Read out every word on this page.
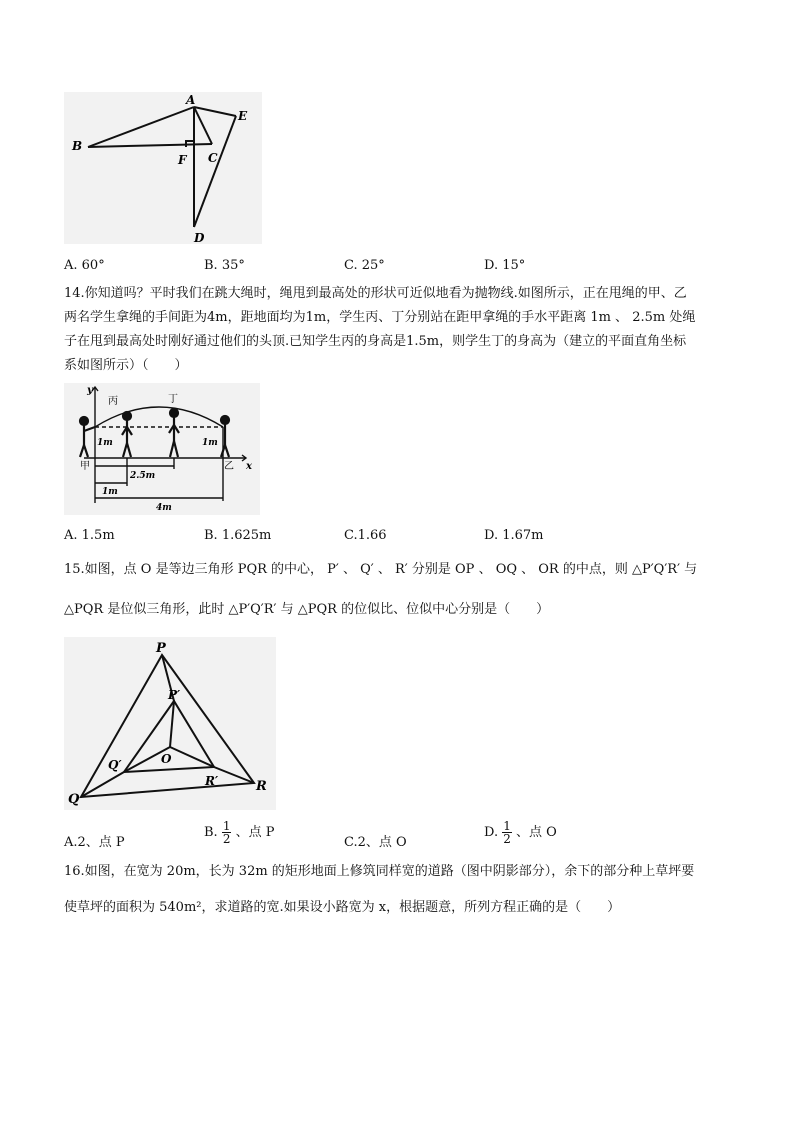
A
B
C
D
E
F
A. 60°	B. 35°	C. 25°	D. 15°
14.你知道吗？平时我们在跳大绳时，绳甩到最高处的形状可近似地看为抛物线.如图所示，正在甩绳的甲、乙
两名学生拿绳的手间距为4m，距地面均为1m，学生丙、丁分别站在距甲拿绳的手水平距离 1m 、 2.5m 处绳
子在甩到最高处时刚好通过他们的头顶.已知学生丙的身高是1.5m，则学生丁的身高为（建立的平面直角坐标
系如图所示）（　　）
y
x
丙	丁
甲	乙
1m	1m
2.5m
1m
4m
A. 1.5m	B. 1.625m	C.1.66	D. 1.67m
15.如图，点 O 是等边三角形 PQR 的中心， P′ 、 Q′ 、 R′ 分别是 OP 、 OQ 、 OR 的中点，则 △P′Q′R′ 与
△PQR 是位似三角形，此时 △P′Q′R′ 与 △PQR 的位似比、位似中心分别是（　　）
P
P′
Q
Q′
R
R′
O
A.2、点 P
B. $\frac{1}{2}$ 、点 P
C.2、点 O
D. $\frac{1}{2}$ 、点 O
16.如图，在宽为 20m，长为 32m 的矩形地面上修筑同样宽的道路（图中阴影部分），余下的部分种上草坪要
使草坪的面积为 540m²，求道路的宽.如果设小路宽为 x，根据题意，所列方程正确的是（　　）
